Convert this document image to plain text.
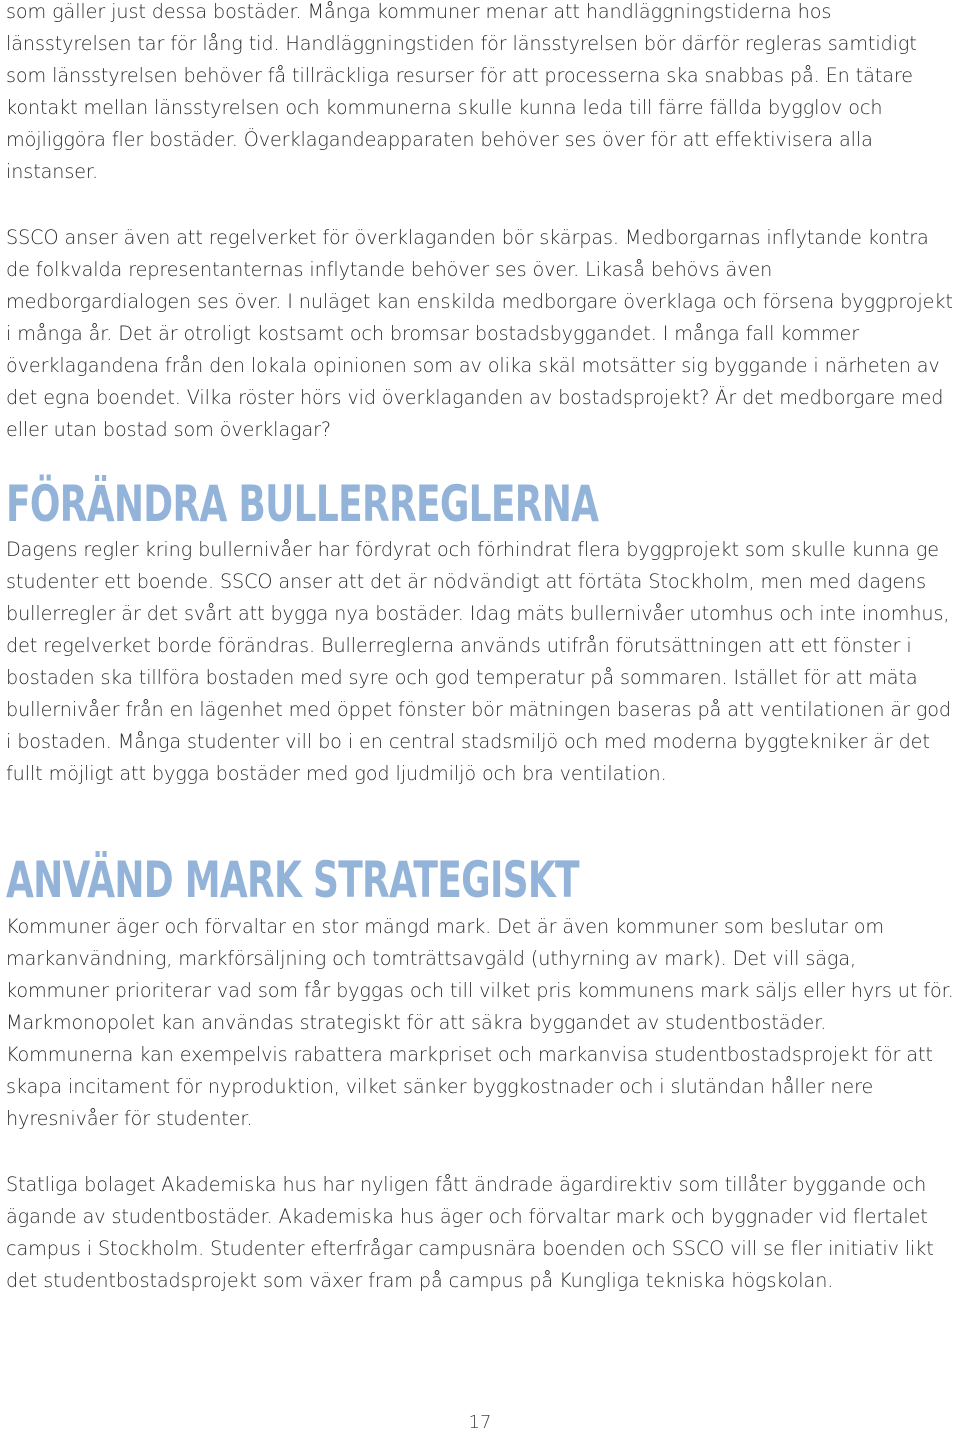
som gäller just dessa bostäder. Många kommuner menar att handläggningstiderna hos länsstyrelsen tar för lång tid. Handläggningstiden för länsstyrelsen bör därför regleras samtidigt som länsstyrelsen behöver få tillräckliga resurser för att processerna ska snabbas på. En tätare kontakt mellan länsstyrelsen och kommunerna skulle kunna leda till färre fällda bygglov och möjliggöra fler bostäder. Överklagandeapparaten behöver ses över för att effektivisera alla instanser.

SSCO anser även att regelverket för överklaganden bör skärpas. Medborgarnas inflytande kontra de folkvalda representanternas inflytande behöver ses över. Likaså behövs även medborgardialogen ses över. I nuläget kan enskilda medborgare överklaga och försena byggprojekt i många år. Det är otroligt kostsamt och bromsar bostadsbyggandet. I många fall kommer överklagandena från den lokala opinionen som av olika skäl motsätter sig byggande i närheten av det egna boendet. Vilka röster hörs vid överklaganden av bostadsprojekt? Är det medborgare med eller utan bostad som överklagar?

FÖRÄNDRA BULLERREGLERNA

Dagens regler kring bullernivåer har fördyrat och förhindrat flera byggprojekt som skulle kunna ge studenter ett boende. SSCO anser att det är nödvändigt att förtäta Stockholm, men med dagens bullerregler är det svårt att bygga nya bostäder. Idag mäts bullernivåer utomhus och inte inomhus, det regelverket borde förändras. Bullerreglerna används utifrån förutsättningen att ett fönster i bostaden ska tillföra bostaden med syre och god temperatur på sommaren. Istället för att mäta bullernivåer från en lägenhet med öppet fönster bör mätningen baseras på att ventilationen är god i bostaden. Många studenter vill bo i en central stadsmiljö och med moderna byggtekniker är det fullt möjligt att bygga bostäder med god ljudmiljö och bra ventilation.

ANVÄND MARK STRATEGISKT

Kommuner äger och förvaltar en stor mängd mark. Det är även kommuner som beslutar om markanvändning, markförsäljning och tomträttsavgäld (uthyrning av mark). Det vill säga, kommuner prioriterar vad som får byggas och till vilket pris kommunens mark säljs eller hyrs ut för. Markmonopolet kan användas strategiskt för att säkra byggandet av studentbostäder. Kommunerna kan exempelvis rabattera markpriset och markanvisa studentbostadsprojekt för att skapa incitament för nyproduktion, vilket sänker byggkostnader och i slutändan håller nere hyresnivåer för studenter.

Statliga bolaget Akademiska hus har nyligen fått ändrade ägardirektiv som tillåter byggande och ägande av studentbostäder. Akademiska hus äger och förvaltar mark och byggnader vid flertalet campus i Stockholm. Studenter efterfrågar campusnära boenden och SSCO vill se fler initiativ likt det studentbostadsprojekt som växer fram på campus på Kungliga tekniska högskolan.

17
